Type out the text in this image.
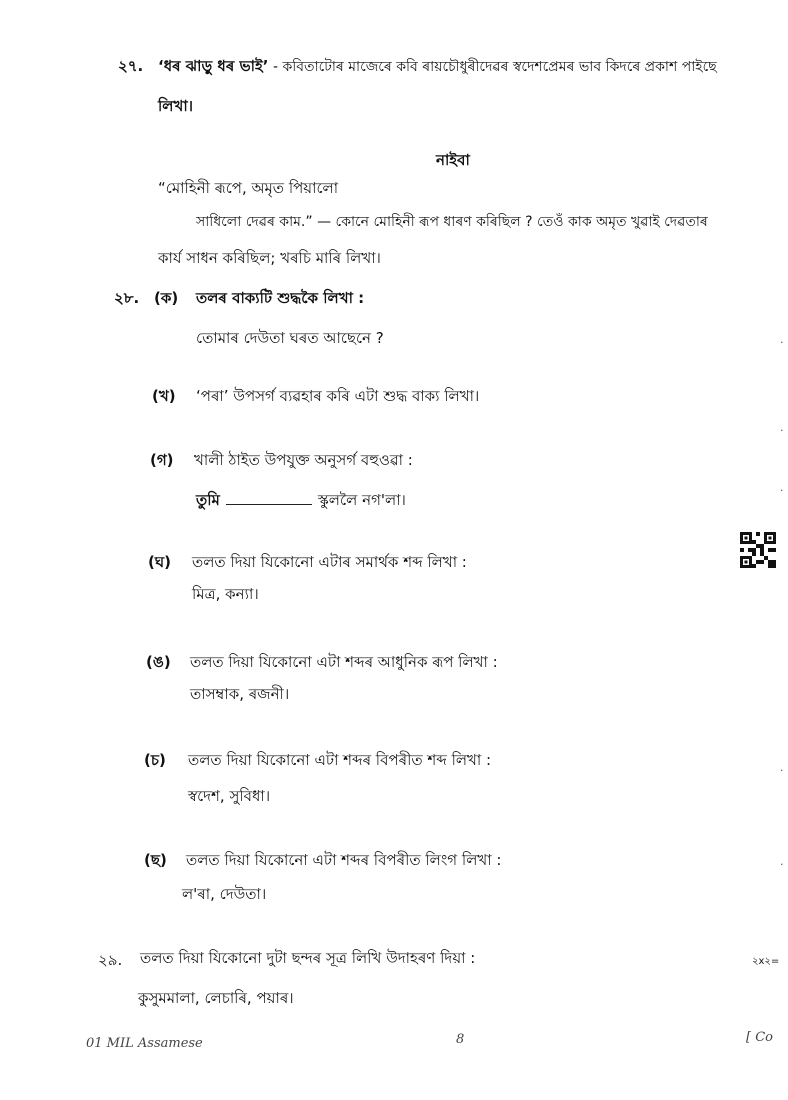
২৭. ‘ধৰ ঝাড়ু ধৰ ভাই’ - কবিতাটোৰ মাজেৰে কবি ৰায়চৌধুৰীদেৱৰ স্বদেশপ্ৰেমৰ ভাব কিদৰে প্ৰকাশ পাইছে
লিখা।
নাইবা
“মোহিনী ৰূপে, অমৃত পিয়ালো
সাধিলো দেৱৰ কাম.” — কোনে মোহিনী ৰূপ ধাৰণ কৰিছিল ? তেওঁ কাক অমৃত খুৱাই দেৱতাৰ
কাৰ্য সাধন কৰিছিল; খৰচি মাৰি লিখা।
২৮. (ক) তলৰ বাক্যটি শুদ্ধকৈ লিখা :
তোমাৰ দেউতা ঘৰত আছেনে ?
(খ) ‘পৰা’ উপসৰ্গ ব্যৱহাৰ কৰি এটা শুদ্ধ বাক্য লিখা।
(গ) খালী ঠাইত উপযুক্ত অনুসৰ্গ বহুওৱা :
তুমি	স্কুললৈ নগ'লা।
(ঘ) তলত দিয়া যিকোনো এটাৰ সমাৰ্থক শব্দ লিখা :
মিত্ৰ, কন্যা।
(ঙ) তলত দিয়া যিকোনো এটা শব্দৰ আধুনিক ৰূপ লিখা :
তাসম্বাক, ৰজনী।
(চ) তলত দিয়া যিকোনো এটা শব্দৰ বিপৰীত শব্দ লিখা :
স্বদেশ, সুবিধা।
(ছ) তলত দিয়া যিকোনো এটা শব্দৰ বিপৰীত লিংগ লিখা :
ল'ৰা, দেউতা।
২৯. তলত দিয়া যিকোনো দুটা ছন্দৰ সূত্ৰ লিখি উদাহৰণ দিয়া :	২x২=
কুসুমমালা, লেচাৰি, পয়াৰ।
·
·
·
·
·
01 MIL Assamese	8	[ Co
